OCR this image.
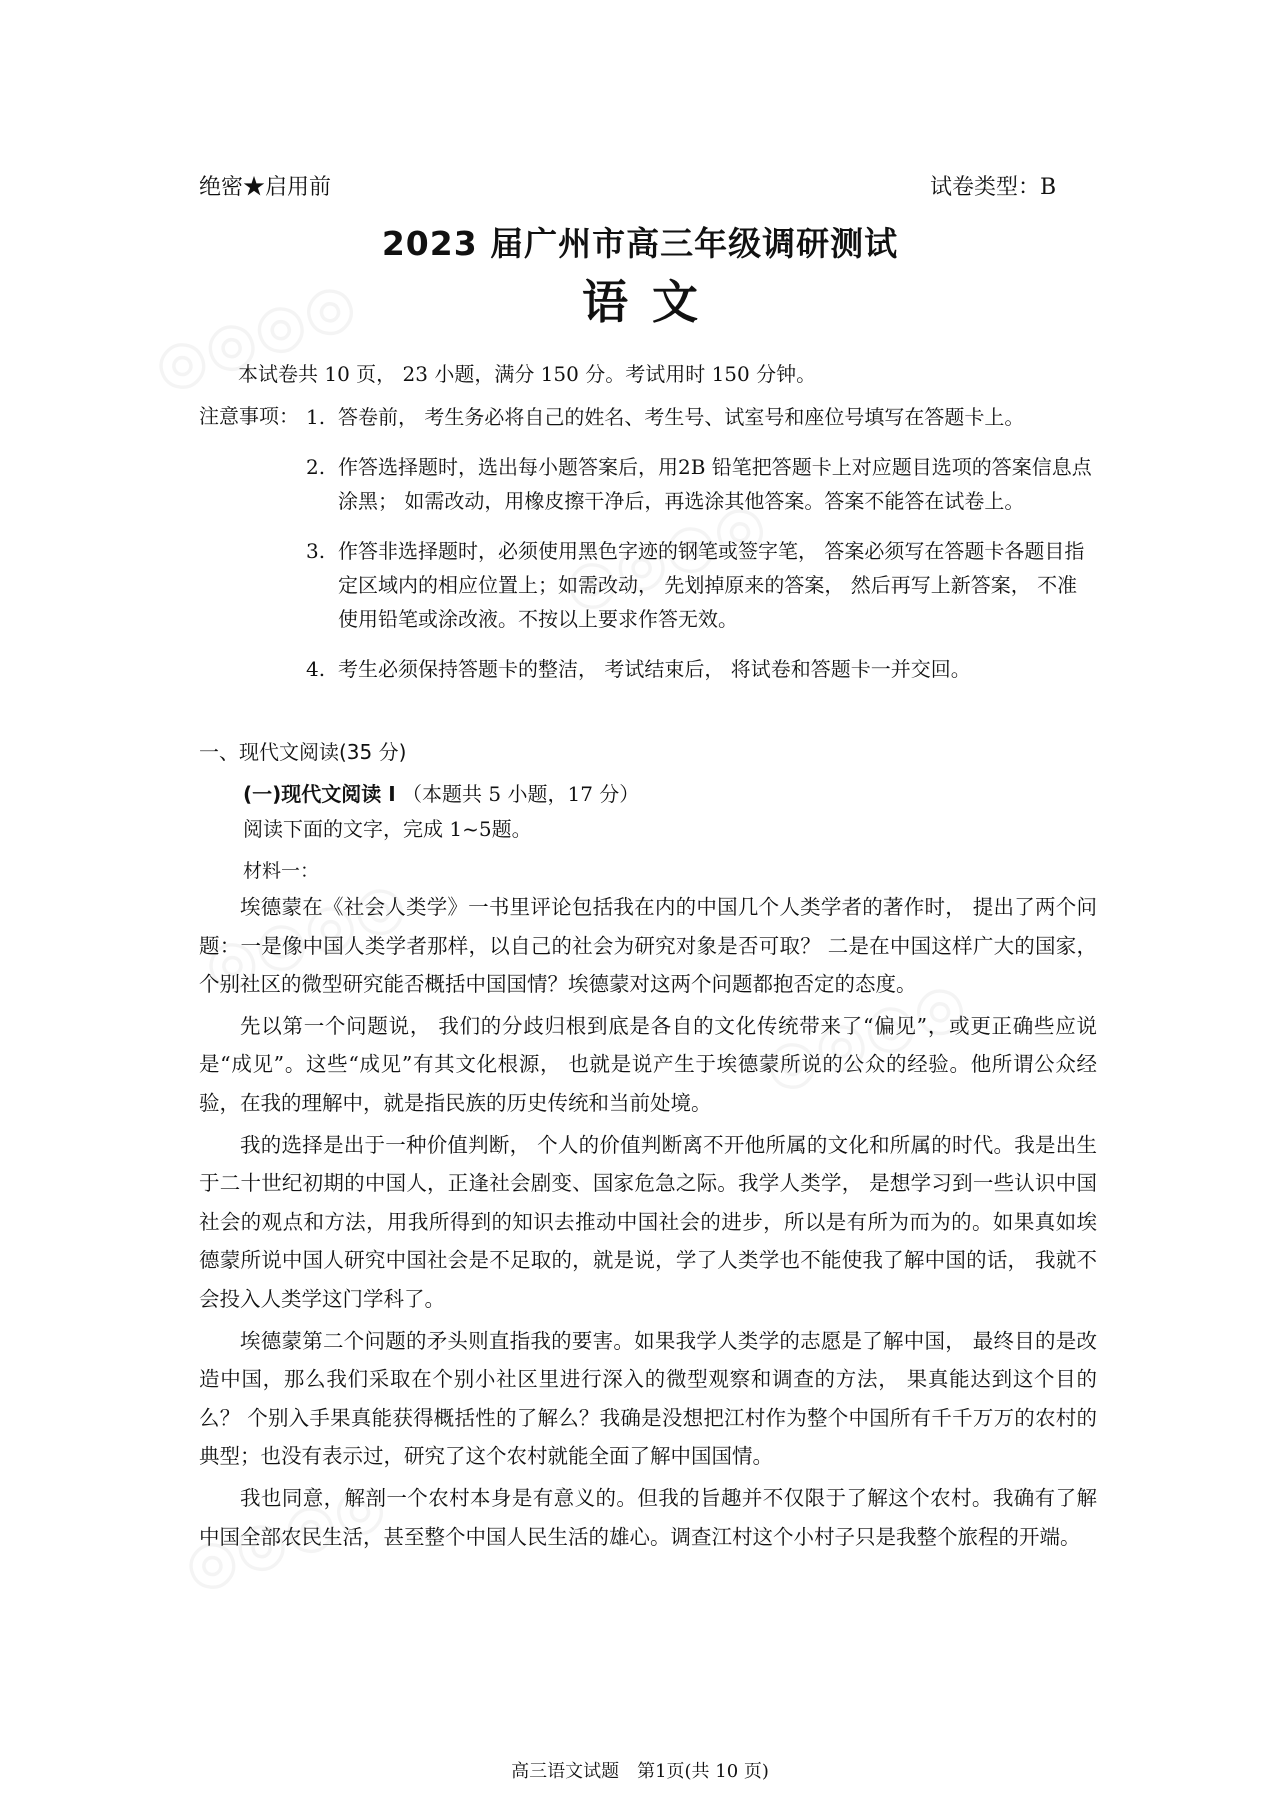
绝密★启用前	试卷类型：B
2023 届广州市高三年级调研测试
语文
本试卷共 10 页， 23 小题，满分 150 分。考试用时 150 分钟。
注意事项： 1. 答卷前， 考生务必将自己的姓名、考生号、试室号和座位号填写在答题卡上。
2. 作答选择题时，选出每小题答案后，用2B 铅笔把答题卡上对应题目选项的答案信息点涂黑； 如需改动，用橡皮擦干净后，再选涂其他答案。答案不能答在试卷上。
3. 作答非选择题时，必须使用黑色字迹的钢笔或签字笔， 答案必须写在答题卡各题目指定区域内的相应位置上；如需改动， 先划掉原来的答案， 然后再写上新答案， 不准使用铅笔或涂改液。不按以上要求作答无效。
4. 考生必须保持答题卡的整洁， 考试结束后， 将试卷和答题卡一并交回。
一、现代文阅读(35 分)
(一)现代文阅读 Ⅰ （本题共 5 小题，17 分）
阅读下面的文字，完成 1~5题。
材料一：

埃德蒙在《社会人类学》一书里评论包括我在内的中国几个人类学者的著作时， 提出了两个问题：一是像中国人类学者那样，以自己的社会为研究对象是否可取？ 二是在中国这样广大的国家，个别社区的微型研究能否概括中国国情？埃德蒙对这两个问题都抱否定的态度。

先以第一个问题说， 我们的分歧归根到底是各自的文化传统带来了“偏见”，或更正确些应说是“成见”。这些“成见”有其文化根源， 也就是说产生于埃德蒙所说的公众的经验。他所谓公众经验，在我的理解中，就是指民族的历史传统和当前处境。

我的选择是出于一种价值判断， 个人的价值判断离不开他所属的文化和所属的时代。我是出生于二十世纪初期的中国人，正逢社会剧变、国家危急之际。我学人类学， 是想学习到一些认识中国社会的观点和方法，用我所得到的知识去推动中国社会的进步，所以是有所为而为的。如果真如埃德蒙所说中国人研究中国社会是不足取的，就是说，学了人类学也不能使我了解中国的话， 我就不会投入人类学这门学科了。

埃德蒙第二个问题的矛头则直指我的要害。如果我学人类学的志愿是了解中国， 最终目的是改造中国，那么我们采取在个别小社区里进行深入的微型观察和调查的方法， 果真能达到这个目的么？ 个别入手果真能获得概括性的了解么？我确是没想把江村作为整个中国所有千千万万的农村的典型；也没有表示过，研究了这个农村就能全面了解中国国情。

我也同意，解剖一个农村本身是有意义的。但我的旨趣并不仅限于了解这个农村。我确有了解中国全部农民生活，甚至整个中国人民生活的雄心。调查江村这个小村子只是我整个旅程的开端。

高三语文试题　第1页(共 10 页)
